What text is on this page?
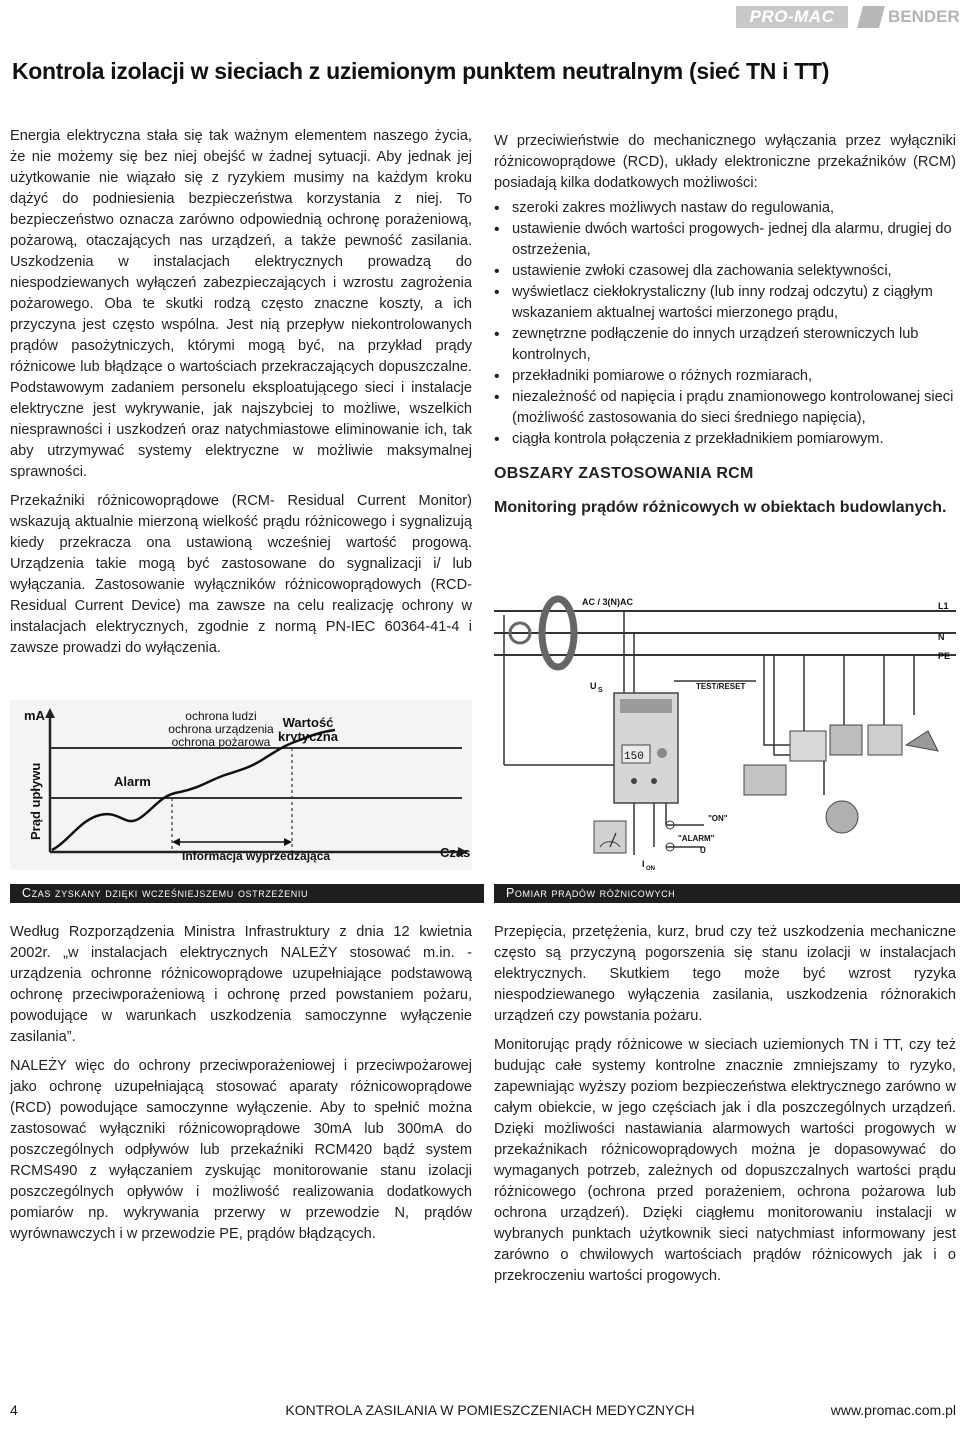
PRO-MAC	BENDER
Kontrola izolacji w sieciach z uziemionym punktem neutralnym (sieć TN i TT)

Energia elektryczna stała się tak ważnym elementem naszego życia, że nie możemy się bez niej obejść w żadnej sytuacji. Aby jednak jej użytkowanie nie wiązało się z ryzykiem musimy na każdym kroku dążyć do podniesienia bezpieczeństwa korzystania z niej. To bezpieczeństwo oznacza zarówno odpowiednią ochronę porażeniową, pożarową, otaczających nas urządzeń, a także pewność zasilania. Uszkodzenia w instalacjach elektrycznych prowadzą do niespodziewanych wyłączeń zabezpieczających i wzrostu zagrożenia pożarowego. Oba te skutki rodzą często znaczne koszty, a ich przyczyna jest często wspólna. Jest nią przepływ niekontrolowanych prądów pasożytniczych, którymi mogą być, na przykład prądy różnicowe lub błądzące o wartościach przekraczających dopuszczalne. Podstawowym zadaniem personelu eksploatującego sieci i instalacje elektryczne jest wykrywanie, jak najszybciej to możliwe, wszelkich niesprawności i uszkodzeń oraz natychmiastowe eliminowanie ich, tak aby utrzymywać systemy elektryczne w możliwie maksymalnej sprawności.

Przekaźniki różnicowoprądowe (RCM- Residual Current Monitor) wskazują aktualnie mierzoną wielkość prądu różnicowego i sygnalizują kiedy przekracza ona ustawioną wcześniej wartość progową. Urządzenia takie mogą być zastosowane do sygnalizacji i/ lub wyłączania. Zastosowanie wyłączników różnicowoprądowych (RCD- Residual Current Device) ma zawsze na celu realizację ochrony w instalacjach elektrycznych, zgodnie z normą PN-IEC 60364-41-4 i zawsze prowadzi do wyłączenia.

W przeciwieństwie do mechanicznego wyłączania przez wyłączniki różnicowoprądowe (RCD), układy elektroniczne przekaźników (RCM) posiadają kilka dodatkowych możliwości:

• szeroki zakres możliwych nastaw do regulowania,
• ustawienie dwóch wartości progowych- jednej dla alarmu, drugiej do ostrzeżenia,
• ustawienie zwłoki czasowej dla zachowania selektywności,
• wyświetlacz ciekłokrystaliczny (lub inny rodzaj odczytu) z ciągłym wskazaniem aktualnej wartości mierzonego prądu,
• zewnętrzne podłączenie do innych urządzeń sterowniczych lub kontrolnych,
• przekładniki pomiarowe o różnych rozmiarach,
• niezależność od napięcia i prądu znamionowego kontrolowanej sieci (możliwość zastosowania do sieci średniego napięcia),
• ciągła kontrola połączenia z przekładnikiem pomiarowym.
OBSZARY ZASTOSOWANIA RCM
Monitoring prądów różnicowych w obiektach budowlanych.
mA
Prąd upływu
Czas
ochrona ludzi
ochrona urządzenia
ochrona pożarowa
Wartość
krytyczna
Alarm
Informacja wyprzedzająca
AC / 3(N)AC	L1
N
PE
U S	TEST/RESET
150
"ON"
"ALARM"
U
I ON
Czas zyskany dzięki wcześniejszemu ostrzeżeniu	Pomiar prądów różnicowych

Według Rozporządzenia Ministra Infrastruktury z dnia 12 kwietnia 2002r. „w instalacjach elektrycznych NALEŻY stosować m.in. - urządzenia ochronne różnicowoprądowe uzupełniające podstawową ochronę przeciwporażeniową i ochronę przed powstaniem pożaru, powodujące w warunkach uszkodzenia samoczynne wyłączenie zasilania”.

NALEŻY więc do ochrony przeciwporażeniowej i przeciwpożarowej jako ochronę uzupełniającą stosować aparaty różnicowoprądowe (RCD) powodujące samoczynne wyłączenie. Aby to spełnić można zastosować wyłączniki różnicowoprądowe 30mA lub 300mA do poszczególnych odpływów lub przekaźniki RCM420 bądź system RCMS490 z wyłączaniem zyskując monitorowanie stanu izolacji poszczególnych opływów i możliwość realizowania dodatkowych pomiarów np. wykrywania przerwy w przewodzie N, prądów wyrównawczych i w przewodzie PE, prądów błądzących.

Przepięcia, przetężenia, kurz, brud czy też uszkodzenia mechaniczne często są przyczyną pogorszenia się stanu izolacji w instalacjach elektrycznych. Skutkiem tego może być wzrost ryzyka niespodziewanego wyłączenia zasilania, uszkodzenia różnorakich urządzeń czy powstania pożaru.

Monitorując prądy różnicowe w sieciach uziemionych TN i TT, czy też budując całe systemy kontrolne znacznie zmniejszamy to ryzyko, zapewniając wyższy poziom bezpieczeństwa elektrycznego zarówno w całym obiekcie, w jego częściach jak i dla poszczególnych urządzeń. Dzięki możliwości nastawiania alarmowych wartości progowych w przekaźnikach różnicowoprądowych można je dopasowywać do wymaganych potrzeb, zależnych od dopuszczalnych wartości prądu różnicowego (ochrona przed porażeniem, ochrona pożarowa lub ochrona urządzeń). Dzięki ciągłemu monitorowaniu instalacji w wybranych punktach użytkownik sieci natychmiast informowany jest zarówno o chwilowych wartościach prądów różnicowych jak i o przekroczeniu wartości progowych.

4	KONTROLA ZASILANIA W POMIESZCZENIACH MEDYCZNYCH	www.promac.com.pl
